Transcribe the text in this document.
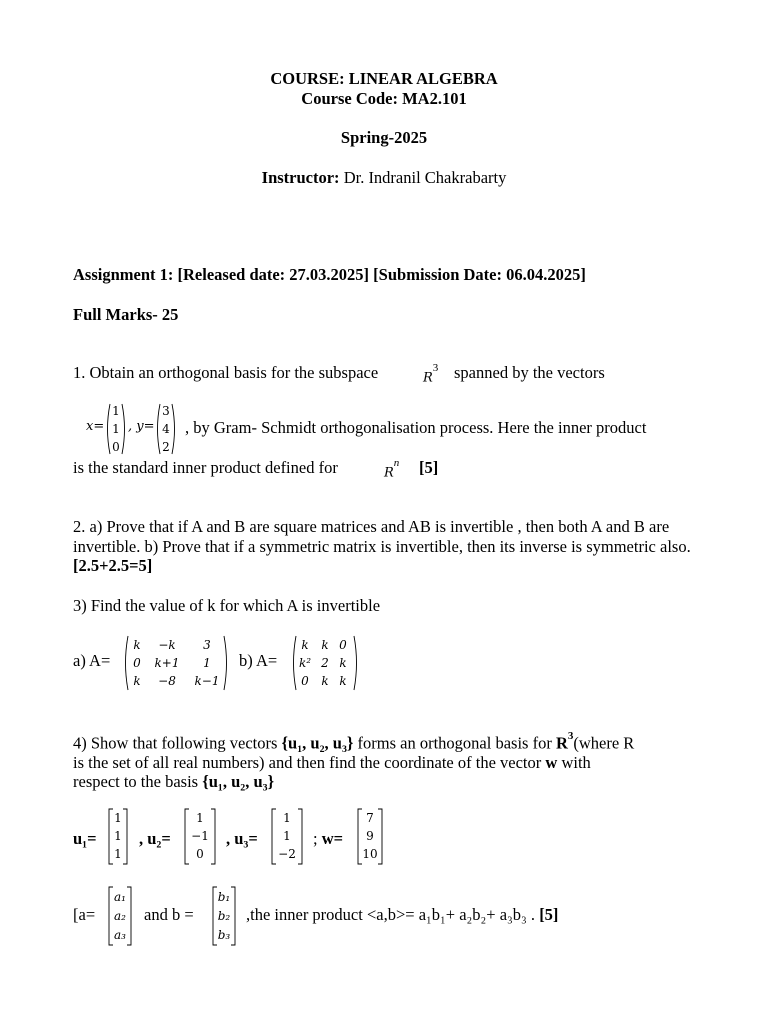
COURSE: LINEAR ALGEBRA
Course Code: MA2.101
Spring-2025
Instructor: Dr. Indranil Chakrabarty
Assignment 1: [Released date: 27.03.2025] [Submission Date: 06.04.2025]
Full Marks- 25
1. Obtain an orthogonal basis for the subspace	$R^3$ spanned by the vectors
x=
1
1
0
, y=
3
4
2
, by Gram- Schmidt orthogonalisation process. Here the inner product
is the standard inner product defined for	$R^n$ [5]
2. a) Prove that if A and B are square matrices and AB is invertible , then both A and B are invertible. b) Prove that if a symmetric matrix is invertible, then its inverse is symmetric also. [2.5+2.5=5]
3) Find the value of k for which A is invertible
a) A=
k	−k	3
0	k+1	1
k	−8	k−1
b) A=
k	k	0
k²	2	k
0	k	k
4) Show that following vectors {u₁, u₂, u₃} forms an orthogonal basis for $R^3(where$ R
is the set of all real numbers) and then find the coordinate of the vector w with
respect to the basis {u₁, u₂, u₃}
u₁=
1
1
1
, u₂=
1
−1
0
, u₃=
1
1
−2
; w=
7
9
10
[a=
a₁
a₂
a₃
and b =
b₁
b₂
b₃
,the inner product <a,b>= a₁b₁+ a₂b₂+ a₃b₃ . [5]
